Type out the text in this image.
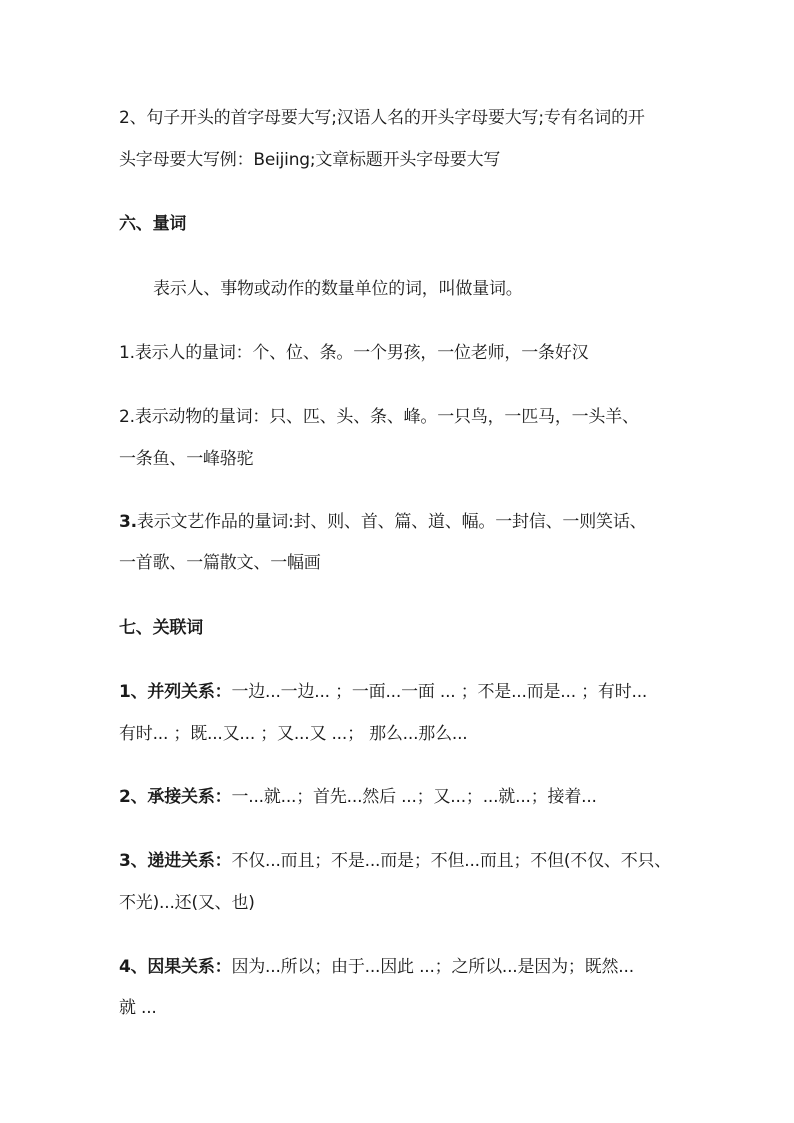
2、句子开头的首字母要大写;汉语人名的开头字母要大写;专有名词的开
头字母要大写例：Beijing;文章标题开头字母要大写
六、量词
表示人、事物或动作的数量单位的词，叫做量词。
1.表示人的量词：个、位、条。一个男孩，一位老师，一条好汉
2.表示动物的量词：只、匹、头、条、峰。一只鸟，一匹马，一头羊、
一条鱼、一峰骆驼
3.表示文艺作品的量词:封、则、首、篇、道、幅。一封信、一则笑话、
一首歌、一篇散文、一幅画
七、关联词
1、并列关系：一边...一边... ；一面...一面 ... ；不是...而是... ；有时...
有时... ；既...又... ；又...又 ...； 那么...那么...
2、承接关系：一...就...；首先...然后 ...；又...；...就...；接着...
3、递进关系：不仅...而且；不是...而是；不但...而且；不但(不仅、不只、
不光)...还(又、也)
4、因果关系：因为...所以；由于...因此 ...；之所以...是因为；既然...
就 ...
